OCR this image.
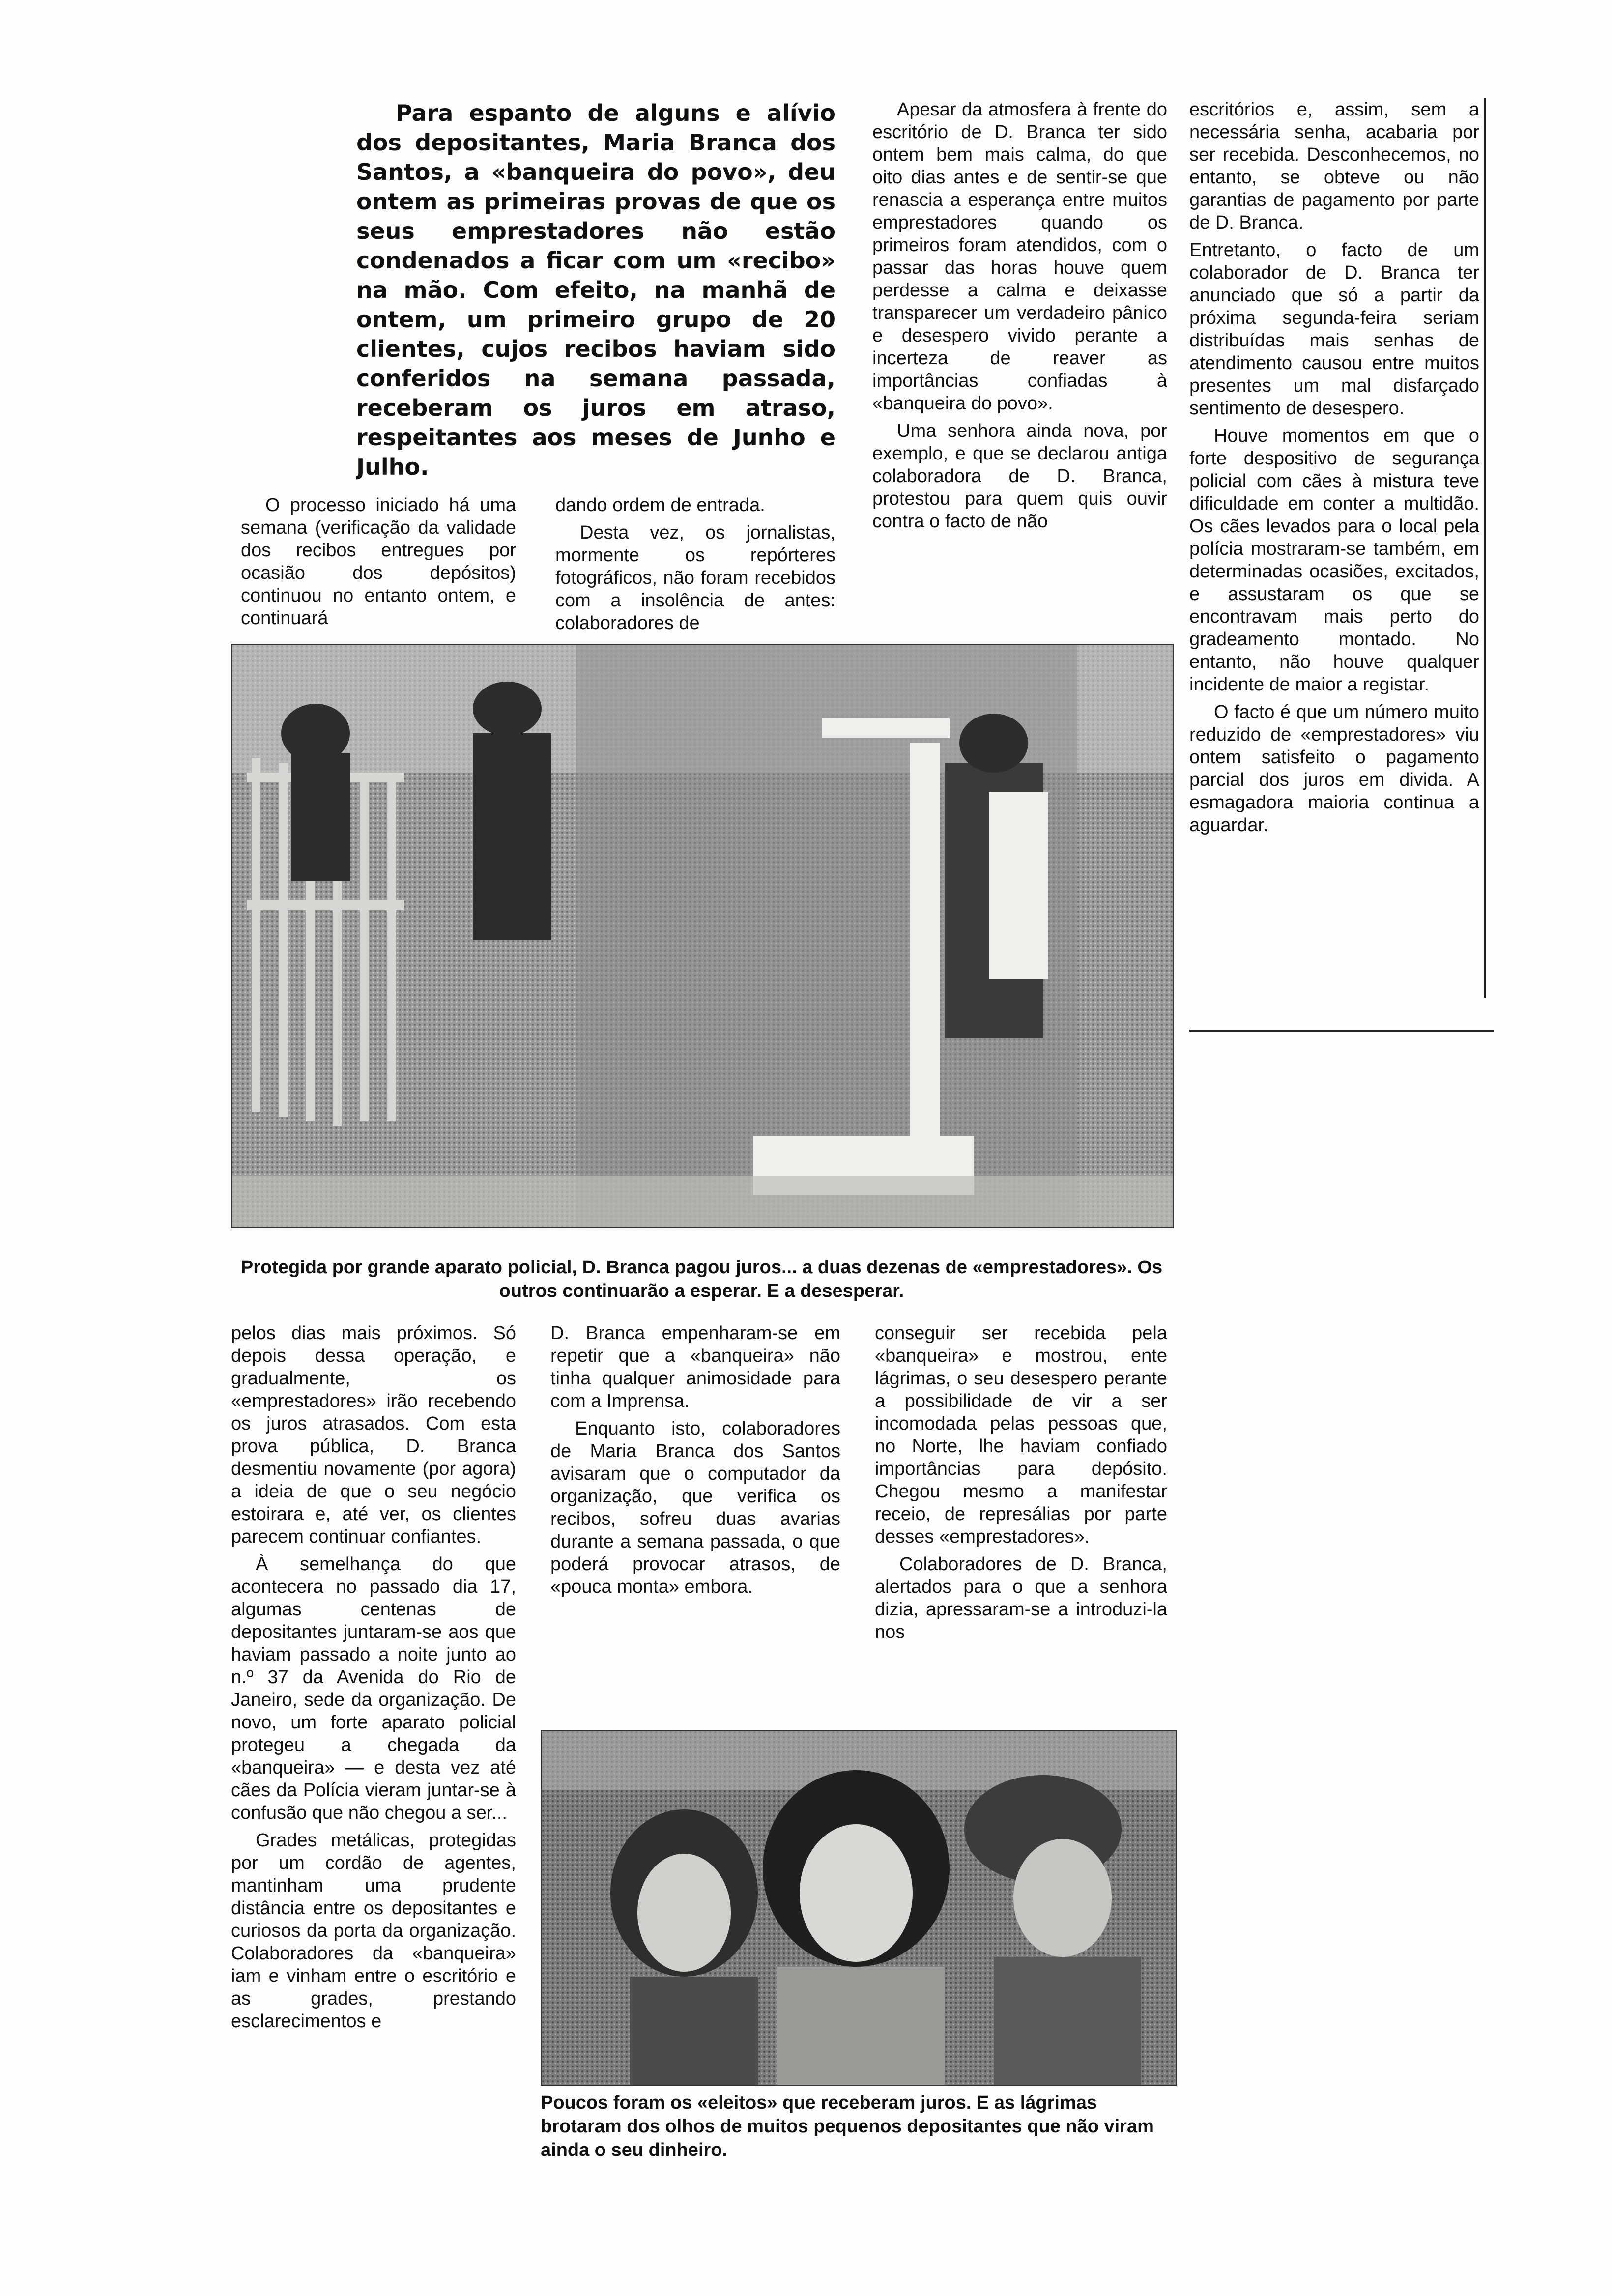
Para espanto de alguns e alívio dos depositantes, Maria Branca dos Santos, a «banqueira do povo», deu ontem as primeiras provas de que os seus emprestadores não estão condenados a ficar com um «recibo» na mão. Com efeito, na manhã de ontem, um primeiro grupo de 20 clientes, cujos recibos haviam sido conferidos na semana passada, receberam os juros em atraso, respeitantes aos meses de Junho e Julho.

O processo iniciado há uma semana (verificação da validade dos recibos entregues por ocasião dos depósitos) continuou no entanto ontem, e continuará

dando ordem de entrada.

Desta vez, os jornalistas, mormente os repórteres fotográficos, não foram recebidos com a insolência de antes: colaboradores de

Apesar da atmosfera à frente do escritório de D. Branca ter sido ontem bem mais calma, do que oito dias antes e de sentir-se que renascia a esperança entre muitos emprestadores quando os primeiros foram atendidos, com o passar das horas houve quem perdesse a calma e deixasse transparecer um verdadeiro pânico e desespero vivido perante a incerteza de reaver as importâncias confiadas à «banqueira do povo».

Uma senhora ainda nova, por exemplo, e que se declarou antiga colaboradora de D. Branca, protestou para quem quis ouvir contra o facto de não

escritórios e, assim, sem a necessária senha, acabaria por ser recebida. Desconhecemos, no entanto, se obteve ou não garantias de pagamento por parte de D. Branca.

Entretanto, o facto de um colaborador de D. Branca ter anunciado que só a partir da próxima segunda-feira seriam distribuídas mais senhas de atendimento causou entre muitos presentes um mal disfarçado sentimento de desespero.

Houve momentos em que o forte despositivo de segurança policial com cães à mistura teve dificuldade em conter a multidão. Os cães levados para o local pela polícia mostraram-se também, em determinadas ocasiões, excitados, e assustaram os que se encontravam mais perto do gradeamento montado. No entanto, não houve qualquer incidente de maior a registar.

O facto é que um número muito reduzido de «emprestadores» viu ontem satisfeito o pagamento parcial dos juros em divida. A esmagadora maioria continua a aguardar.

Protegida por grande aparato policial, D. Branca pagou juros... a duas dezenas de «emprestadores». Os outros continuarão a esperar. E a desesperar.

pelos dias mais próximos. Só depois dessa operação, e gradualmente, os «emprestadores» irão recebendo os juros atrasados. Com esta prova pública, D. Branca desmentiu novamente (por agora) a ideia de que o seu negócio estoirara e, até ver, os clientes parecem continuar confiantes.

À semelhança do que acontecera no passado dia 17, algumas centenas de depositantes juntaram-se aos que haviam passado a noite junto ao n.º 37 da Avenida do Rio de Janeiro, sede da organização. De novo, um forte aparato policial protegeu a chegada da «banqueira» — e desta vez até cães da Polícia vieram juntar-se à confusão que não chegou a ser...

Grades metálicas, protegidas por um cordão de agentes, mantinham uma prudente distância entre os depositantes e curiosos da porta da organização. Colaboradores da «banqueira» iam e vinham entre o escritório e as grades, prestando esclarecimentos e

D. Branca empenharam-se em repetir que a «banqueira» não tinha qualquer animosidade para com a Imprensa.

Enquanto isto, colaboradores de Maria Branca dos Santos avisaram que o computador da organização, que verifica os recibos, sofreu duas avarias durante a semana passada, o que poderá provocar atrasos, de «pouca monta» embora.

conseguir ser recebida pela «banqueira» e mostrou, ente lágrimas, o seu desespero perante a possibilidade de vir a ser incomodada pelas pessoas que, no Norte, lhe haviam confiado importâncias para depósito. Chegou mesmo a manifestar receio, de represálias por parte desses «emprestadores».

Colaboradores de D. Branca, alertados para o que a senhora dizia, apressaram-se a introduzi-la nos

Poucos foram os «eleitos» que receberam juros. E as lágrimas brotaram dos olhos de muitos pequenos depositantes que não viram ainda o seu dinheiro.
